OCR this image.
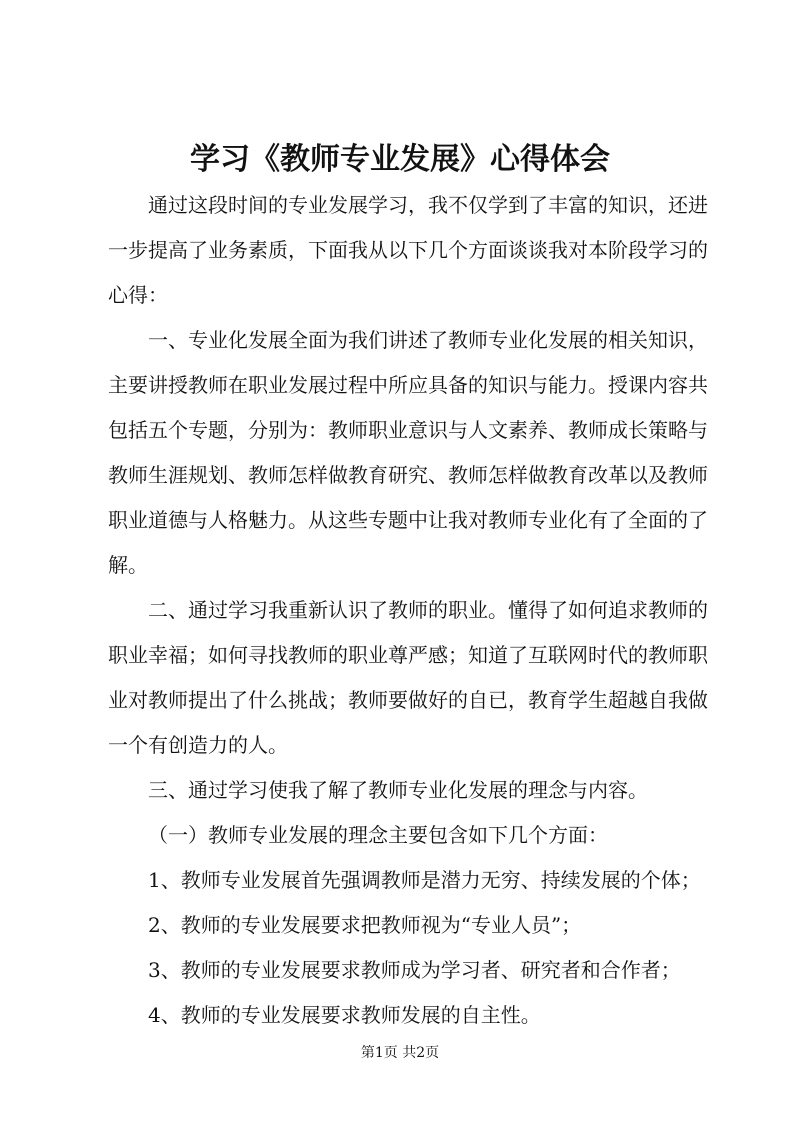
学习《教师专业发展》心得体会

通过这段时间的专业发展学习，我不仅学到了丰富的知识，还进一步提高了业务素质，下面我从以下几个方面谈谈我对本阶段学习的心得：

一、专业化发展全面为我们讲述了教师专业化发展的相关知识，主要讲授教师在职业发展过程中所应具备的知识与能力。授课内容共包括五个专题，分别为：教师职业意识与人文素养、教师成长策略与教师生涯规划、教师怎样做教育研究、教师怎样做教育改革以及教师职业道德与人格魅力。从这些专题中让我对教师专业化有了全面的了解。

二、通过学习我重新认识了教师的职业。懂得了如何追求教师的职业幸福；如何寻找教师的职业尊严感；知道了互联网时代的教师职业对教师提出了什么挑战；教师要做好的自已，教育学生超越自我做一个有创造力的人。

三、通过学习使我了解了教师专业化发展的理念与内容。

（一）教师专业发展的理念主要包含如下几个方面：

1、教师专业发展首先强调教师是潜力无穷、持续发展的个体；

2、教师的专业发展要求把教师视为“专业人员”；

3、教师的专业发展要求教师成为学习者、研究者和合作者；

4、教师的专业发展要求教师发展的自主性。

第1页 共2页
